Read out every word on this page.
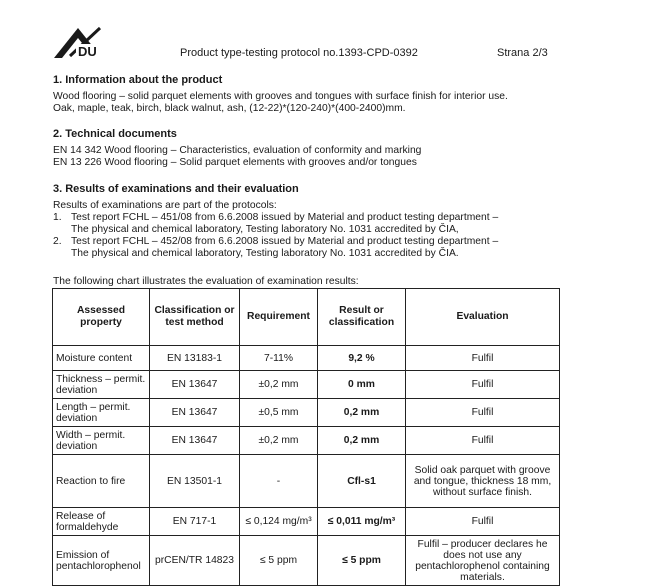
DU	Product type-testing protocol no.1393-CPD-0392	Strana 2/3
1. Information about the product
Wood flooring – solid parquet elements with grooves and tongues with surface finish for interior use.
Oak, maple, teak, birch, black walnut, ash, (12-22)*(120-240)*(400-2400)mm.
2. Technical documents
EN 14 342 Wood flooring – Characteristics, evaluation of conformity and marking
EN 13 226 Wood flooring – Solid parquet elements with grooves and/or tongues
3. Results of examinations and their evaluation
Results of examinations are part of the protocols:
1. Test report FCHL – 451/08 from 6.6.2008 issued by Material and product testing department –
The physical and chemical laboratory, Testing laboratory No. 1031 accredited by ČIA,
2. Test report FCHL – 452/08 from 6.6.2008 issued by Material and product testing department –
The physical and chemical laboratory, Testing laboratory No. 1031 accredited by ČIA.
The following chart illustrates the evaluation of examination results:
Assessed property	Classification or test method	Requirement	Result or classification	Evaluation
Moisture content	EN 13183-1	7-11%	9,2 %	Fulfil
Thickness – permit. deviation	EN 13647	±0,2 mm	0 mm	Fulfil
Length – permit. deviation	EN 13647	±0,5 mm	0,2 mm	Fulfil
Width – permit. deviation	EN 13647	±0,2 mm	0,2 mm	Fulfil
Reaction to fire	EN 13501-1	-	Cfl-s1	Solid oak parquet with groove and tongue, thickness 18 mm, without surface finish.
Release of formaldehyde	EN 717-1	≤ 0,124 mg/m³	≤ 0,011 mg/m³	Fulfil
Emission of pentachlorophenol	prCEN/TR 14823	≤ 5 ppm	≤ 5 ppm	Fulfil – producer declares he does not use any pentachlorophenol containing materials.
